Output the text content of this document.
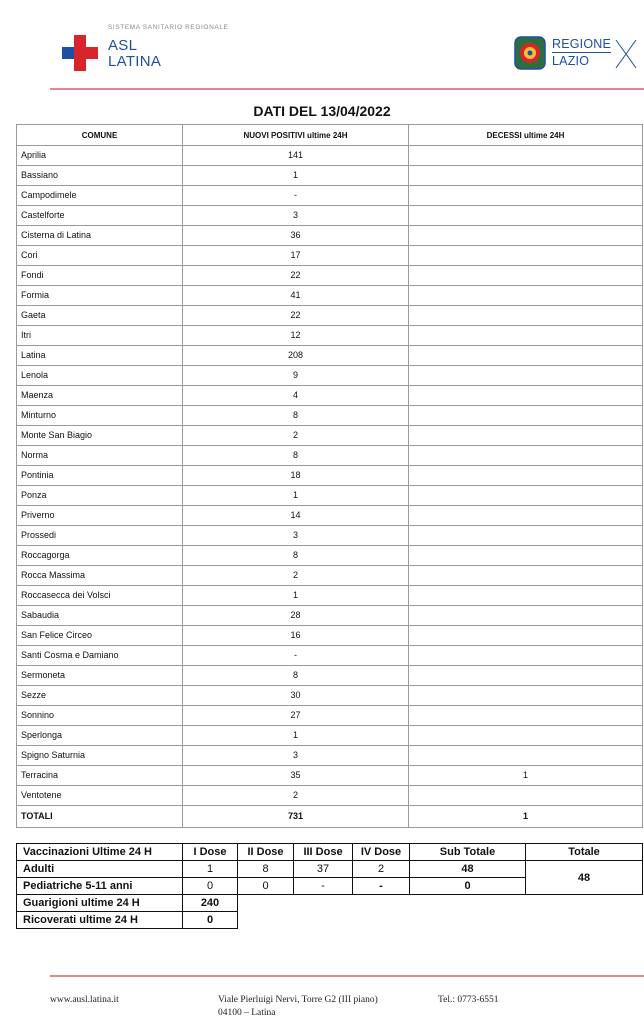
SISTEMA SANITARIO REGIONALE
ASL
LATINA
REGIONE
LAZIO
DATI DEL 13/04/2022
COMUNE	NUOVI POSITIVI ultime 24H	DECESSI ultime 24H
Aprilia	141	
Bassiano	1	
Campodimele	-	
Castelforte	3	
Cisterna di Latina	36	
Cori	17	
Fondi	22	
Formia	41	
Gaeta	22	
Itri	12	
Latina	208	
Lenola	9	
Maenza	4	
Minturno	8	
Monte San Biagio	2	
Norma	8	
Pontinia	18	
Ponza	1	
Priverno	14	
Prossedi	3	
Roccagorga	8	
Rocca Massima	2	
Roccasecca dei Volsci	1	
Sabaudia	28	
San Felice Circeo	16	
Santi Cosma e Damiano	-	
Sermoneta	8	
Sezze	30	
Sonnino	27	
Sperlonga	1	
Spigno Saturnia	3	
Terracina	35	1
Ventotene	2	
TOTALI	731	1
Vaccinazioni Ultime 24 H	I Dose	II Dose	III Dose	IV Dose	Sub Totale	Totale
Adulti	1	8	37	2	48	48
Pediatriche 5-11 anni	0	0	-	-	0	
Guarigioni ultime 24 H	240					
Ricoverati ultime 24 H	0					
www.ausl.latina.it	Viale Pierluigi Nervi, Torre G2 (III piano)
04100 – Latina
Tel.: 0773-6551
